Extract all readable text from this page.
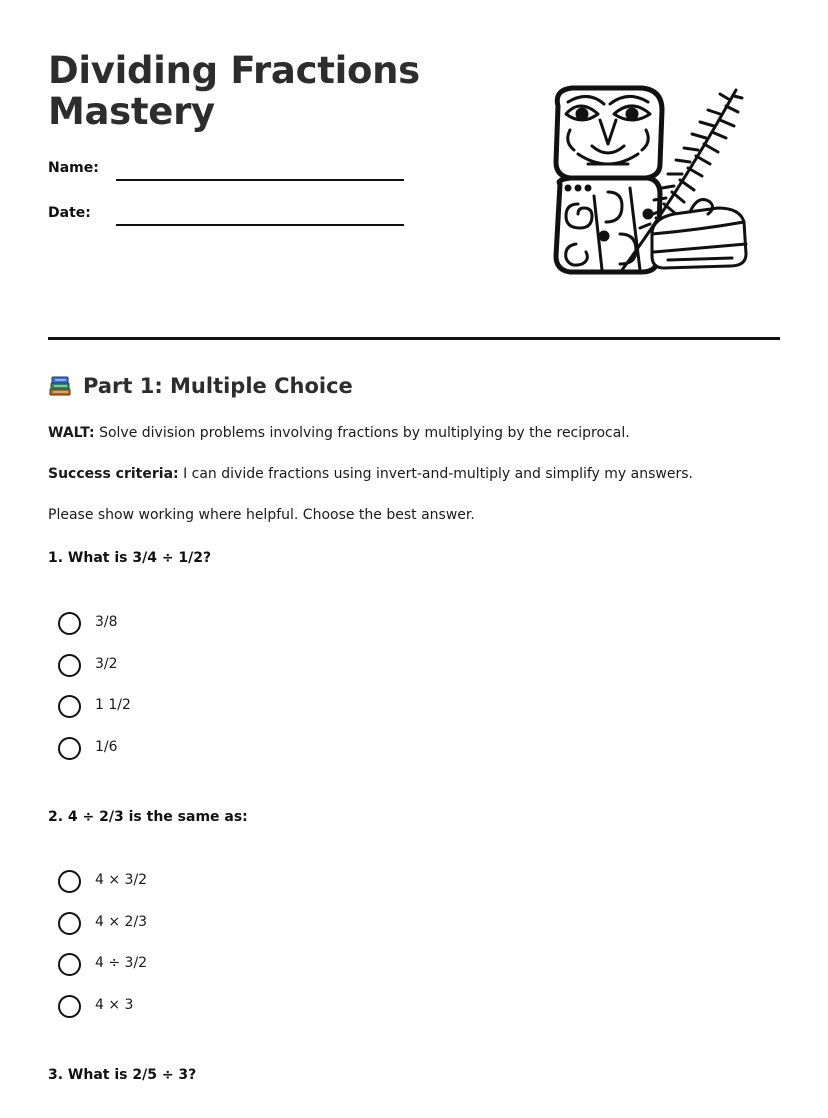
Dividing Fractions Mastery
Name:
Date:
Part 1: Multiple Choice

WALT: Solve division problems involving fractions by multiplying by the reciprocal.

Success criteria: I can divide fractions using invert-and-multiply and simplify my answers.

Please show working where helpful. Choose the best answer.

1. What is 3/4 ÷ 1/2?

3/8
3/2
1 1/2
1/6

2. 4 ÷ 2/3 is the same as:

4 × 3/2
4 × 2/3
4 ÷ 3/2
4 × 3

3. What is 2/5 ÷ 3?
